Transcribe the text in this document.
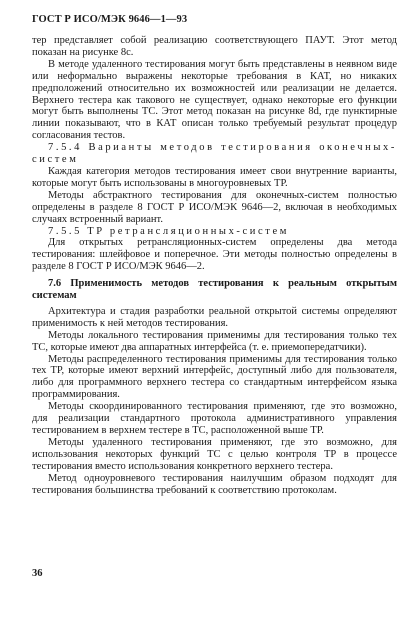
ГОСТ Р ИСО/МЭК 9646—1—93

тер представляет собой реализацию соответствующего ПАУТ. Этот метод показан на рисунке 8с.

В методе удаленного тестирования могут быть представлены в неявном виде или неформально выражены некоторые требования в КАТ, но никаких предположений относительно их возможностей или реализации не делается. Верхнего тестера как такового не существует, однако некоторые его функции могут быть выполнены ТС. Этот метод показан на рисунке 8d, где пунктирные линии показывают, что в КАТ описан только требуемый результат процедур согласования тестов.

7.5.4 Варианты методов тестирования оконечных-систем

Каждая категория методов тестирования имеет свои внутренние варианты, которые могут быть использованы в многоуровневых ТР.

Методы абстрактного тестирования для оконечных-систем полностью определены в разделе 8 ГОСТ Р ИСО/МЭК 9646—2, включая в необходимых случаях встроенный вариант.

7.5.5 ТР ретрансляционных-систем

Для открытых ретрансляционных-систем определены два метода тестирования: шлейфовое и поперечное. Эти методы полностью определены в разделе 8 ГОСТ Р ИСО/МЭК 9646—2.

7.6 Применимость методов тестирования к реальным открытым системам

Архитектура и стадия разработки реальной открытой системы определяют применимость к ней методов тестирования.

Методы локального тестирования применимы для тестирования только тех ТС, которые имеют два аппаратных интерфейса (т. е. приемопередатчики).

Методы распределенного тестирования применимы для тестирования только тех ТР, которые имеют верхний интерфейс, доступный либо для пользователя, либо для программного верхнего тестера со стандартным интерфейсом языка программирования.

Методы скоординированного тестирования применяют, где это возможно, для реализации стандартного протокола административного управления тестированием в верхнем тестере в ТС, расположенной выше ТР.

Методы удаленного тестирования применяют, где это возможно, для использования некоторых функций ТС с целью контроля ТР в процессе тестирования вместо использования конкретного верхнего тестера.

Метод одноуровневого тестирования наилучшим образом подходят для тестирования большинства требований к соответствию протоколам.

36
